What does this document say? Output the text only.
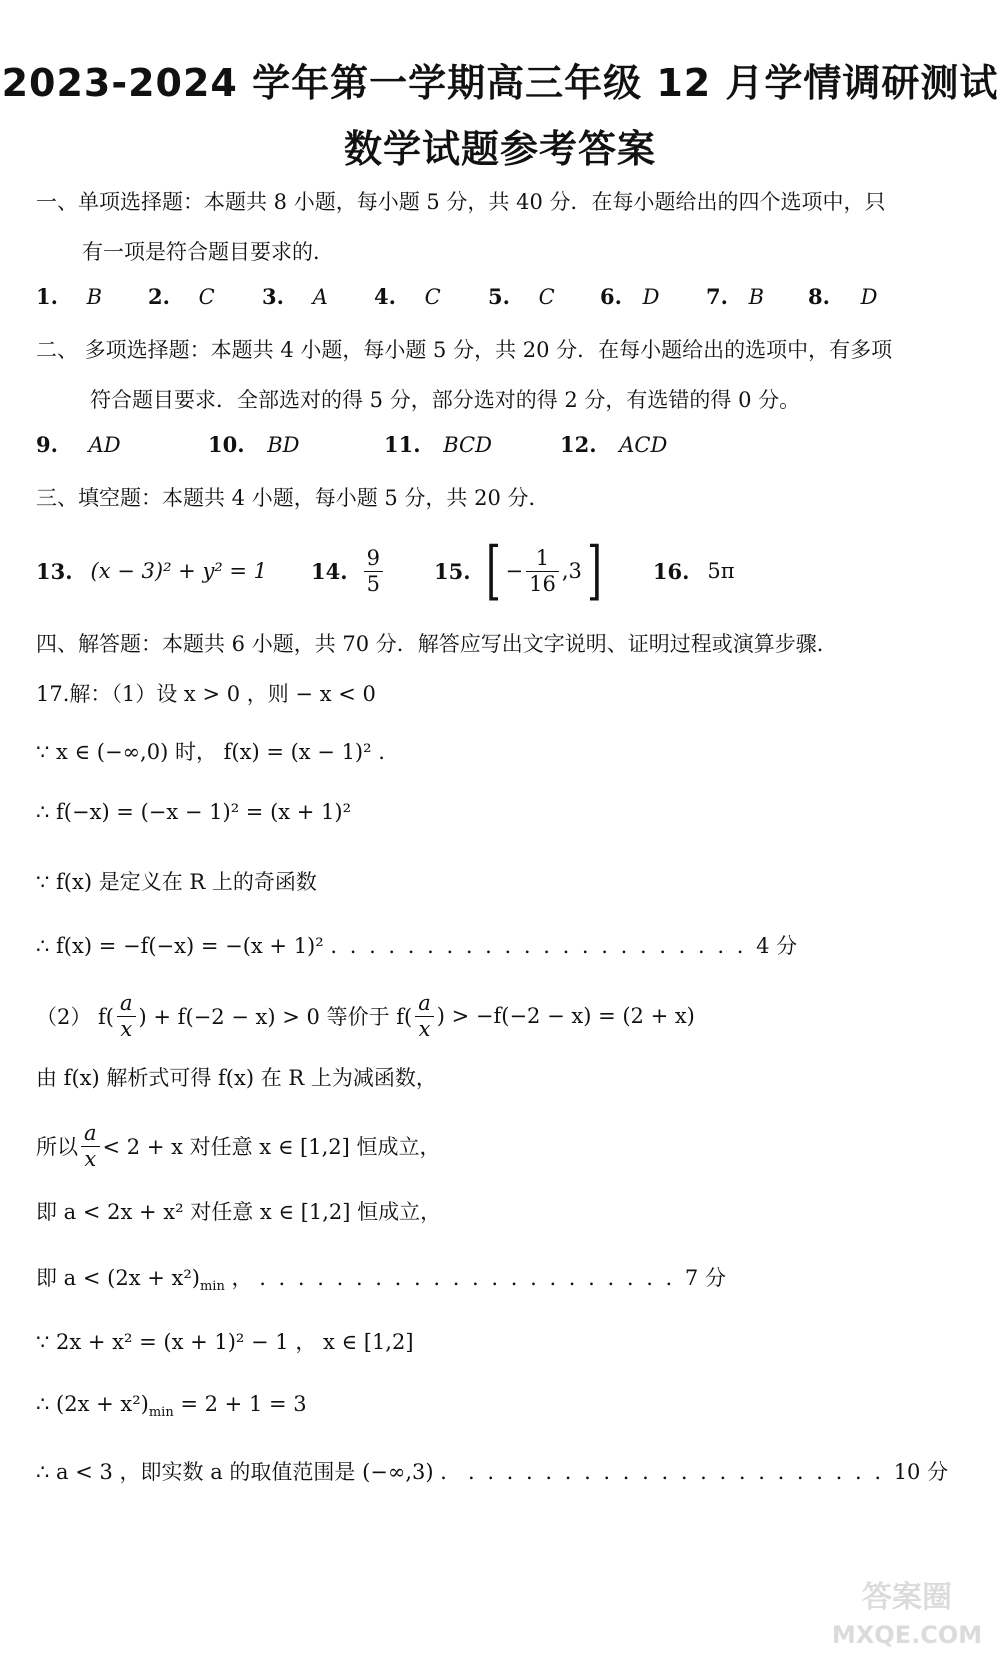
2023-2024 学年第一学期高三年级 12 月学情调研测试
数学试题参考答案
一、单项选择题：本题共 8 小题，每小题 5 分，共 40 分．在每小题给出的四个选项中，只
有一项是符合题目要求的．
1. B 2. C 3. A 4. C 5. C 6. D 7. B 8. D
二、 多项选择题：本题共 4 小题，每小题 5 分，共 20 分．在每小题给出的选项中，有多项
符合题目要求．全部选对的得 5 分，部分选对的得 2 分，有选错的得 0 分。
9. AD	10. BD	11. BCD	12. ACD
三、填空题：本题共 4 小题，每小题 5 分，共 20 分．
13. (x − 3)² + y² = 1 14. $\frac{9}{5} 15$. [ − $\frac{1}{16} ,3$ ] 16. 5π
四、解答题：本题共 6 小题，共 70 分．解答应写出文字说明、证明过程或演算步骤．
17.解：（1）设 x > 0 ，则 − x < 0
∵ x ∈ (−∞,0) 时， f(x) = (x − 1)² .
∴ f(−x) = (−x − 1)² = (x + 1)²
∵ f(x) 是定义在 R 上的奇函数
∴ f(x) = −f(−x) = −(x + 1)² . . . . . . . . . . . . . . . . . . . . . . 4 分
（2） $f( \frac{a}{x}$ ) + f(−2 − x) > 0 等价于 $f( \frac{a}{x}$ ) > −f(−2 − x) = (2 + x)
由 f(x) 解析式可得 f(x) 在 R 上为减函数，
所以 $\frac{a}{x} < 2 + x$ 对任意 x ∈ [1,2] 恒成立，
即 a < 2x + x² 对任意 x ∈ [1,2] 恒成立，
即 $a < (2x + x^2)_{min}$ ， . . . . . . . . . . . . . . . . . . . . . . 7 分
∵ 2x + x² = (x + 1)² − 1 ， x ∈ [1,2]
∴ $(2x + x^2)_{min} = 2 + 1 = 3$
∴ a < 3 ，即实数 a 的取值范围是 (−∞,3) ． . . . . . . . . . . . . . . . . . . . . . . 10 分
答案圈
MXQE.COM
